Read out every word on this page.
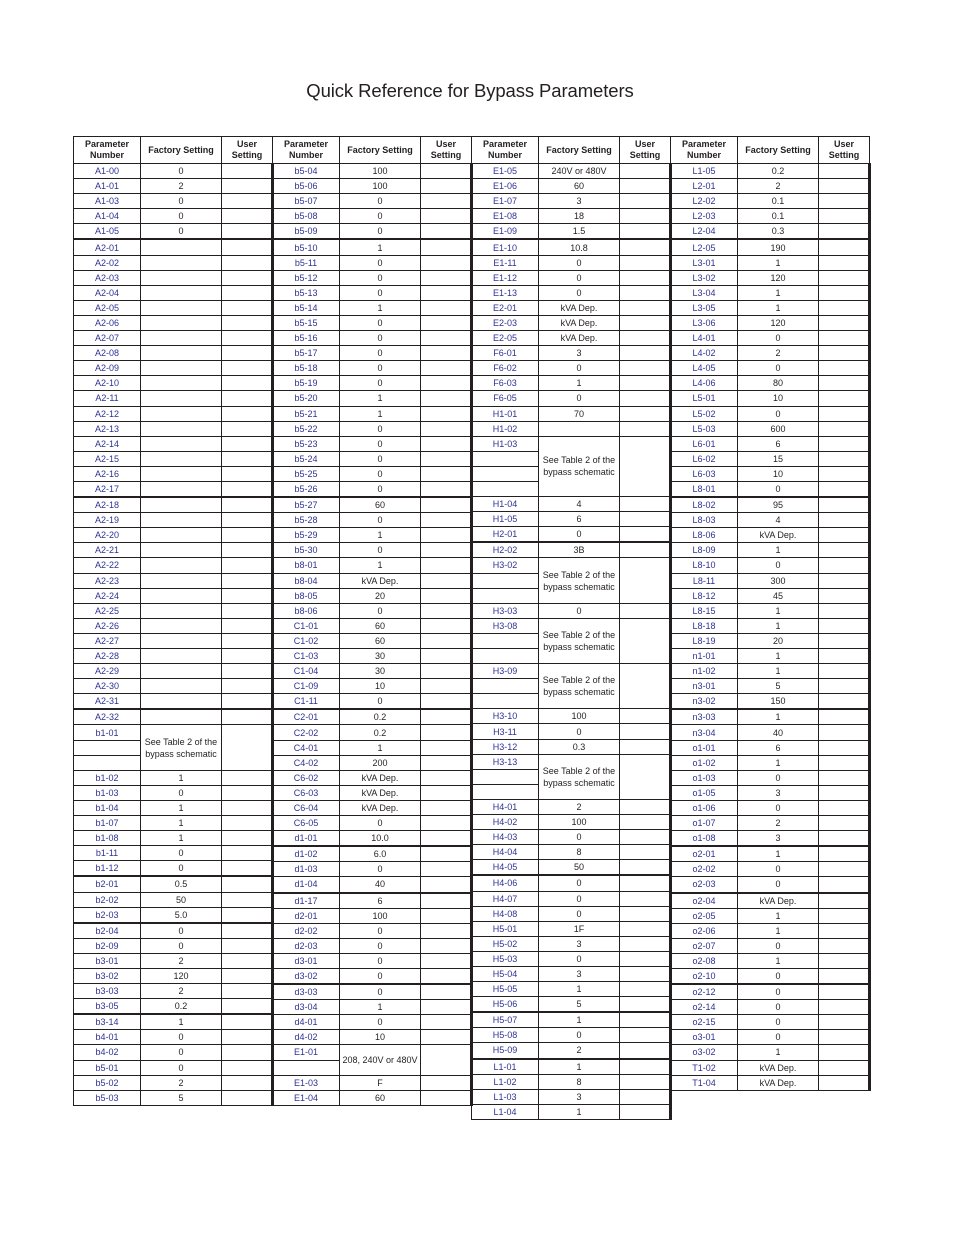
Quick Reference for Bypass Parameters
Parameter Number	Factory Setting	User Setting
A1-00	0	
A1-01	2	
A1-03	0	
A1-04	0	
A1-05	0	
A2-01		
A2-02		
A2-03		
A2-04		
A2-05		
A2-06		
A2-07		
A2-08		
A2-09		
A2-10		
A2-11		
A2-12		
A2-13		
A2-14		
A2-15		
A2-16		
A2-17		
A2-18		
A2-19		
A2-20		
A2-21		
A2-22		
A2-23		
A2-24		
A2-25		
A2-26		
A2-27		
A2-28		
A2-29		
A2-30		
A2-31		
A2-32		
b1-01	See Table 2 of the bypass schematic	

b1-02	1	
b1-03	0	
b1-04	1	
b1-07	1	
b1-08	1	
b1-11	0	
b1-12	0	
b2-01	0.5	
b2-02	50	
b2-03	5.0	
b2-04	0	
b2-09	0	
b3-01	2	
b3-02	120	
b3-03	2	
b3-05	0.2	
b3-14	1	
b4-01	0	
b4-02	0	
b5-01	0	
b5-02	2	
b5-03	5	
Parameter Number	Factory Setting	User Setting
b5-04	100	
b5-06	100	
b5-07	0	
b5-08	0	
b5-09	0	
b5-10	1	
b5-11	0	
b5-12	0	
b5-13	0	
b5-14	1	
b5-15	0	
b5-16	0	
b5-17	0	
b5-18	0	
b5-19	0	
b5-20	1	
b5-21	1	
b5-22	0	
b5-23	0	
b5-24	0	
b5-25	0	
b5-26	0	
b5-27	60	
b5-28	0	
b5-29	1	
b5-30	0	
b8-01	1	
b8-04	kVA Dep.	
b8-05	20	
b8-06	0	
C1-01	60	
C1-02	60	
C1-03	30	
C1-04	30	
C1-09	10	
C1-11	0	
C2-01	0.2	
C2-02	0.2	
C4-01	1	
C4-02	200	
C6-02	kVA Dep.	
C6-03	kVA Dep.	
C6-04	kVA Dep.	
C6-05	0	
d1-01	10.0	
d1-02	6.0	
d1-03	0	
d1-04	40	
d1-17	6	
d2-01	100	
d2-02	0	
d2-03	0	
d3-01	0	
d3-02	0	
d3-03	0	
d3-04	1	
d4-01	0	
d4-02	10	
E1-01	208, 240V or 480V	

E1-03	F	
E1-04	60	
Parameter Number	Factory Setting	User Setting
E1-05	240V or 480V	
E1-06	60	
E1-07	3	
E1-08	18	
E1-09	1.5	
E1-10	10.8	
E1-11	0	
E1-12	0	
E1-13	0	
E2-01	kVA Dep.	
E2-03	kVA Dep.	
E2-05	kVA Dep.	
F6-01	3	
F6-02	0	
F6-03	1	
F6-05	0	
H1-01	70	
H1-02		
H1-03	See Table 2 of the bypass schematic	

H1-04	4	
H1-05	6	
H2-01	0	
H2-02	3B	
H3-02	See Table 2 of the bypass schematic	

H3-03	0	
H3-08	See Table 2 of the bypass schematic	

H3-09	See Table 2 of the bypass schematic	

H3-10	100	
H3-11	0	
H3-12	0.3	
H3-13	See Table 2 of the bypass schematic	

H4-01	2	
H4-02	100	
H4-03	0	
H4-04	8	
H4-05	50	
H4-06	0	
H4-07	0	
H4-08	0	
H5-01	1F	
H5-02	3	
H5-03	0	
H5-04	3	
H5-05	1	
H5-06	5	
H5-07	1	
H5-08	0	
H5-09	2	
L1-01	1	
L1-02	8	
L1-03	3	
L1-04	1	
Parameter Number	Factory Setting	User Setting
L1-05	0.2	
L2-01	2	
L2-02	0.1	
L2-03	0.1	
L2-04	0.3	
L2-05	190	
L3-01	1	
L3-02	120	
L3-04	1	
L3-05	1	
L3-06	120	
L4-01	0	
L4-02	2	
L4-05	0	
L4-06	80	
L5-01	10	
L5-02	0	
L5-03	600	
L6-01	6	
L6-02	15	
L6-03	10	
L8-01	0	
L8-02	95	
L8-03	4	
L8-06	kVA Dep.	
L8-09	1	
L8-10	0	
L8-11	300	
L8-12	45	
L8-15	1	
L8-18	1	
L8-19	20	
n1-01	1	
n1-02	1	
n3-01	5	
n3-02	150	
n3-03	1	
n3-04	40	
o1-01	6	
o1-02	1	
o1-03	0	
o1-05	3	
o1-06	0	
o1-07	2	
o1-08	3	
o2-01	1	
o2-02	0	
o2-03	0	
o2-04	kVA Dep.	
o2-05	1	
o2-06	1	
o2-07	0	
o2-08	1	
o2-10	0	
o2-12	0	
o2-14	0	
o2-15	0	
o3-01	0	
o3-02	1	
T1-02	kVA Dep.	
T1-04	kVA Dep.	
